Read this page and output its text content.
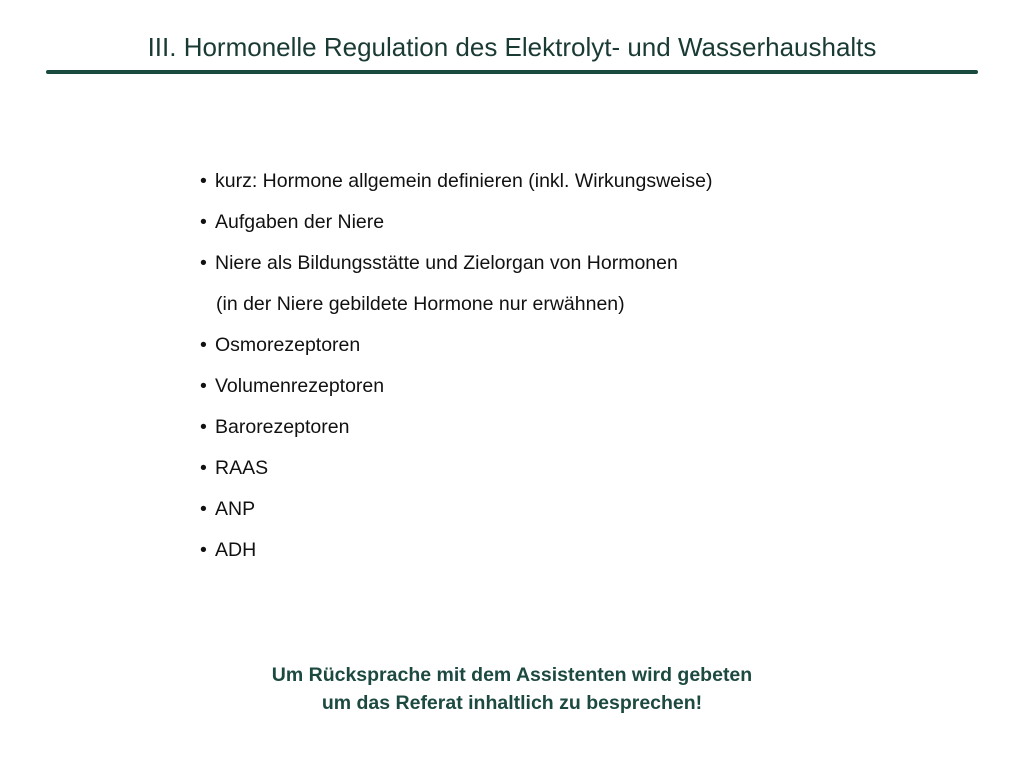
III. Hormonelle Regulation des Elektrolyt- und Wasserhaushalts
• kurz: Hormone allgemein definieren (inkl. Wirkungsweise)
• Aufgaben der Niere
• Niere als Bildungsstätte und Zielorgan von Hormonen
(in der Niere gebildete Hormone nur erwähnen)
• Osmorezeptoren
• Volumenrezeptoren
• Barorezeptoren
• RAAS
• ANP
• ADH
Um Rücksprache mit dem Assistenten wird gebeten
um das Referat inhaltlich zu besprechen!
